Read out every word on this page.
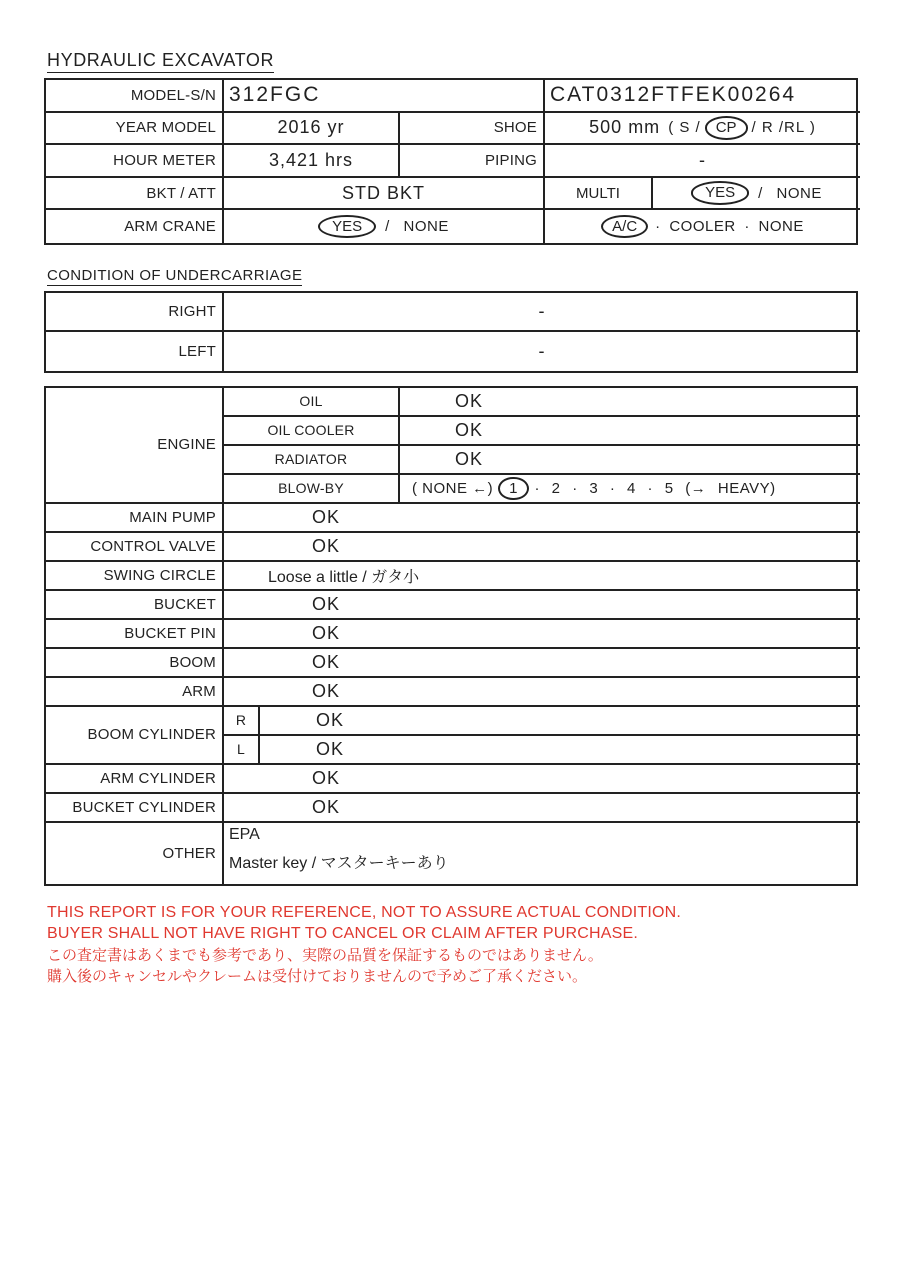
HYDRAULIC EXCAVATOR
MODEL-S/N 312FGC	CAT0312FTFEK00264
YEAR MODEL	2016 yr	SHOE	500 mm ( S /	CP	/ R /RL )
HOUR METER	3,421 hrs	PIPING	-
BKT / ATT	STD BKT	MULTI	YES	/ NONE
ARM CRANE	YES	/ NONE	A/C	· COOLER · NONE
CONDITION OF UNDERCARRIAGE
RIGHT	-
LEFT	-
ENGINE
OIL	OK
OIL COOLER	OK
RADIATOR	OK
BLOW-BY	( NONE ←)	1	· 2 · 3 · 4 · 5 (→ HEAVY)
MAIN PUMP	OK
CONTROL VALVE	OK
SWING CIRCLE	Loose a little / ガタ小
BUCKET	OK
BUCKET PIN	OK
BOOM	OK
ARM	OK
BOOM CYLINDER
R	OK
L	OK
ARM CYLINDER	OK
BUCKET CYLINDER	OK
OTHER
EPA
Master key / マスターキーあり

THIS REPORT IS FOR YOUR REFERENCE, NOT TO ASSURE ACTUAL CONDITION.

BUYER SHALL NOT HAVE RIGHT TO CANCEL OR CLAIM AFTER PURCHASE.

この査定書はあくまでも参考であり、実際の品質を保証するものではありません。

購入後のキャンセルやクレームは受付けておりませんので予めご了承ください。
